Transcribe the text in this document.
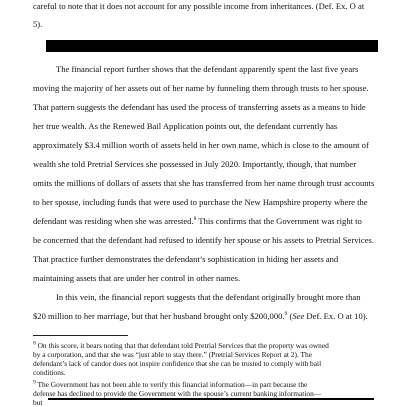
careful to note that it does not account for any possible income from inheritances. (Def. Ex. O at
5).
The financial report further shows that the defendant apparently spent the last five years
moving the majority of her assets out of her name by funneling them through trusts to her spouse.
That pattern suggests the defendant has used the process of transferring assets as a means to hide
her true wealth. As the Renewed Bail Application points out, the defendant currently has
approximately $3.4 million worth of assets held in her own name, which is close to the amount of
wealth she told Pretrial Services she possessed in July 2020. Importantly, though, that number
omits the millions of dollars of assets that she has transferred from her name through trust accounts
to her spouse, including funds that were used to purchase the New Hampshire property where the
defendant was residing when she was arrested.$^8$ This confirms that the Government was right to
be concerned that the defendant had refused to identify her spouse or his assets to Pretrial Services.
That practice further demonstrates the defendant’s sophistication in hiding her assets and
maintaining assets that are under her control in other names.
In this vein, the financial report suggests that the defendant originally brought more than
$20 million to her marriage, but that her husband brought only $200,000.$^9$ (See Def. Ex. O at 10).
$^8$ On this score, it bears noting that that defendant told Pretrial Services that the property was owned
by a corporation, and that she was “just able to stay there.” (Pretrial Services Report at 2). The
defendant’s lack of candor does not inspire confidence that she can be trusted to comply with bail
conditions.
$^9$ The Government has not been able to verify this financial information—in part because the
defense has declined to provide the Government with the spouse’s current banking information—
but
